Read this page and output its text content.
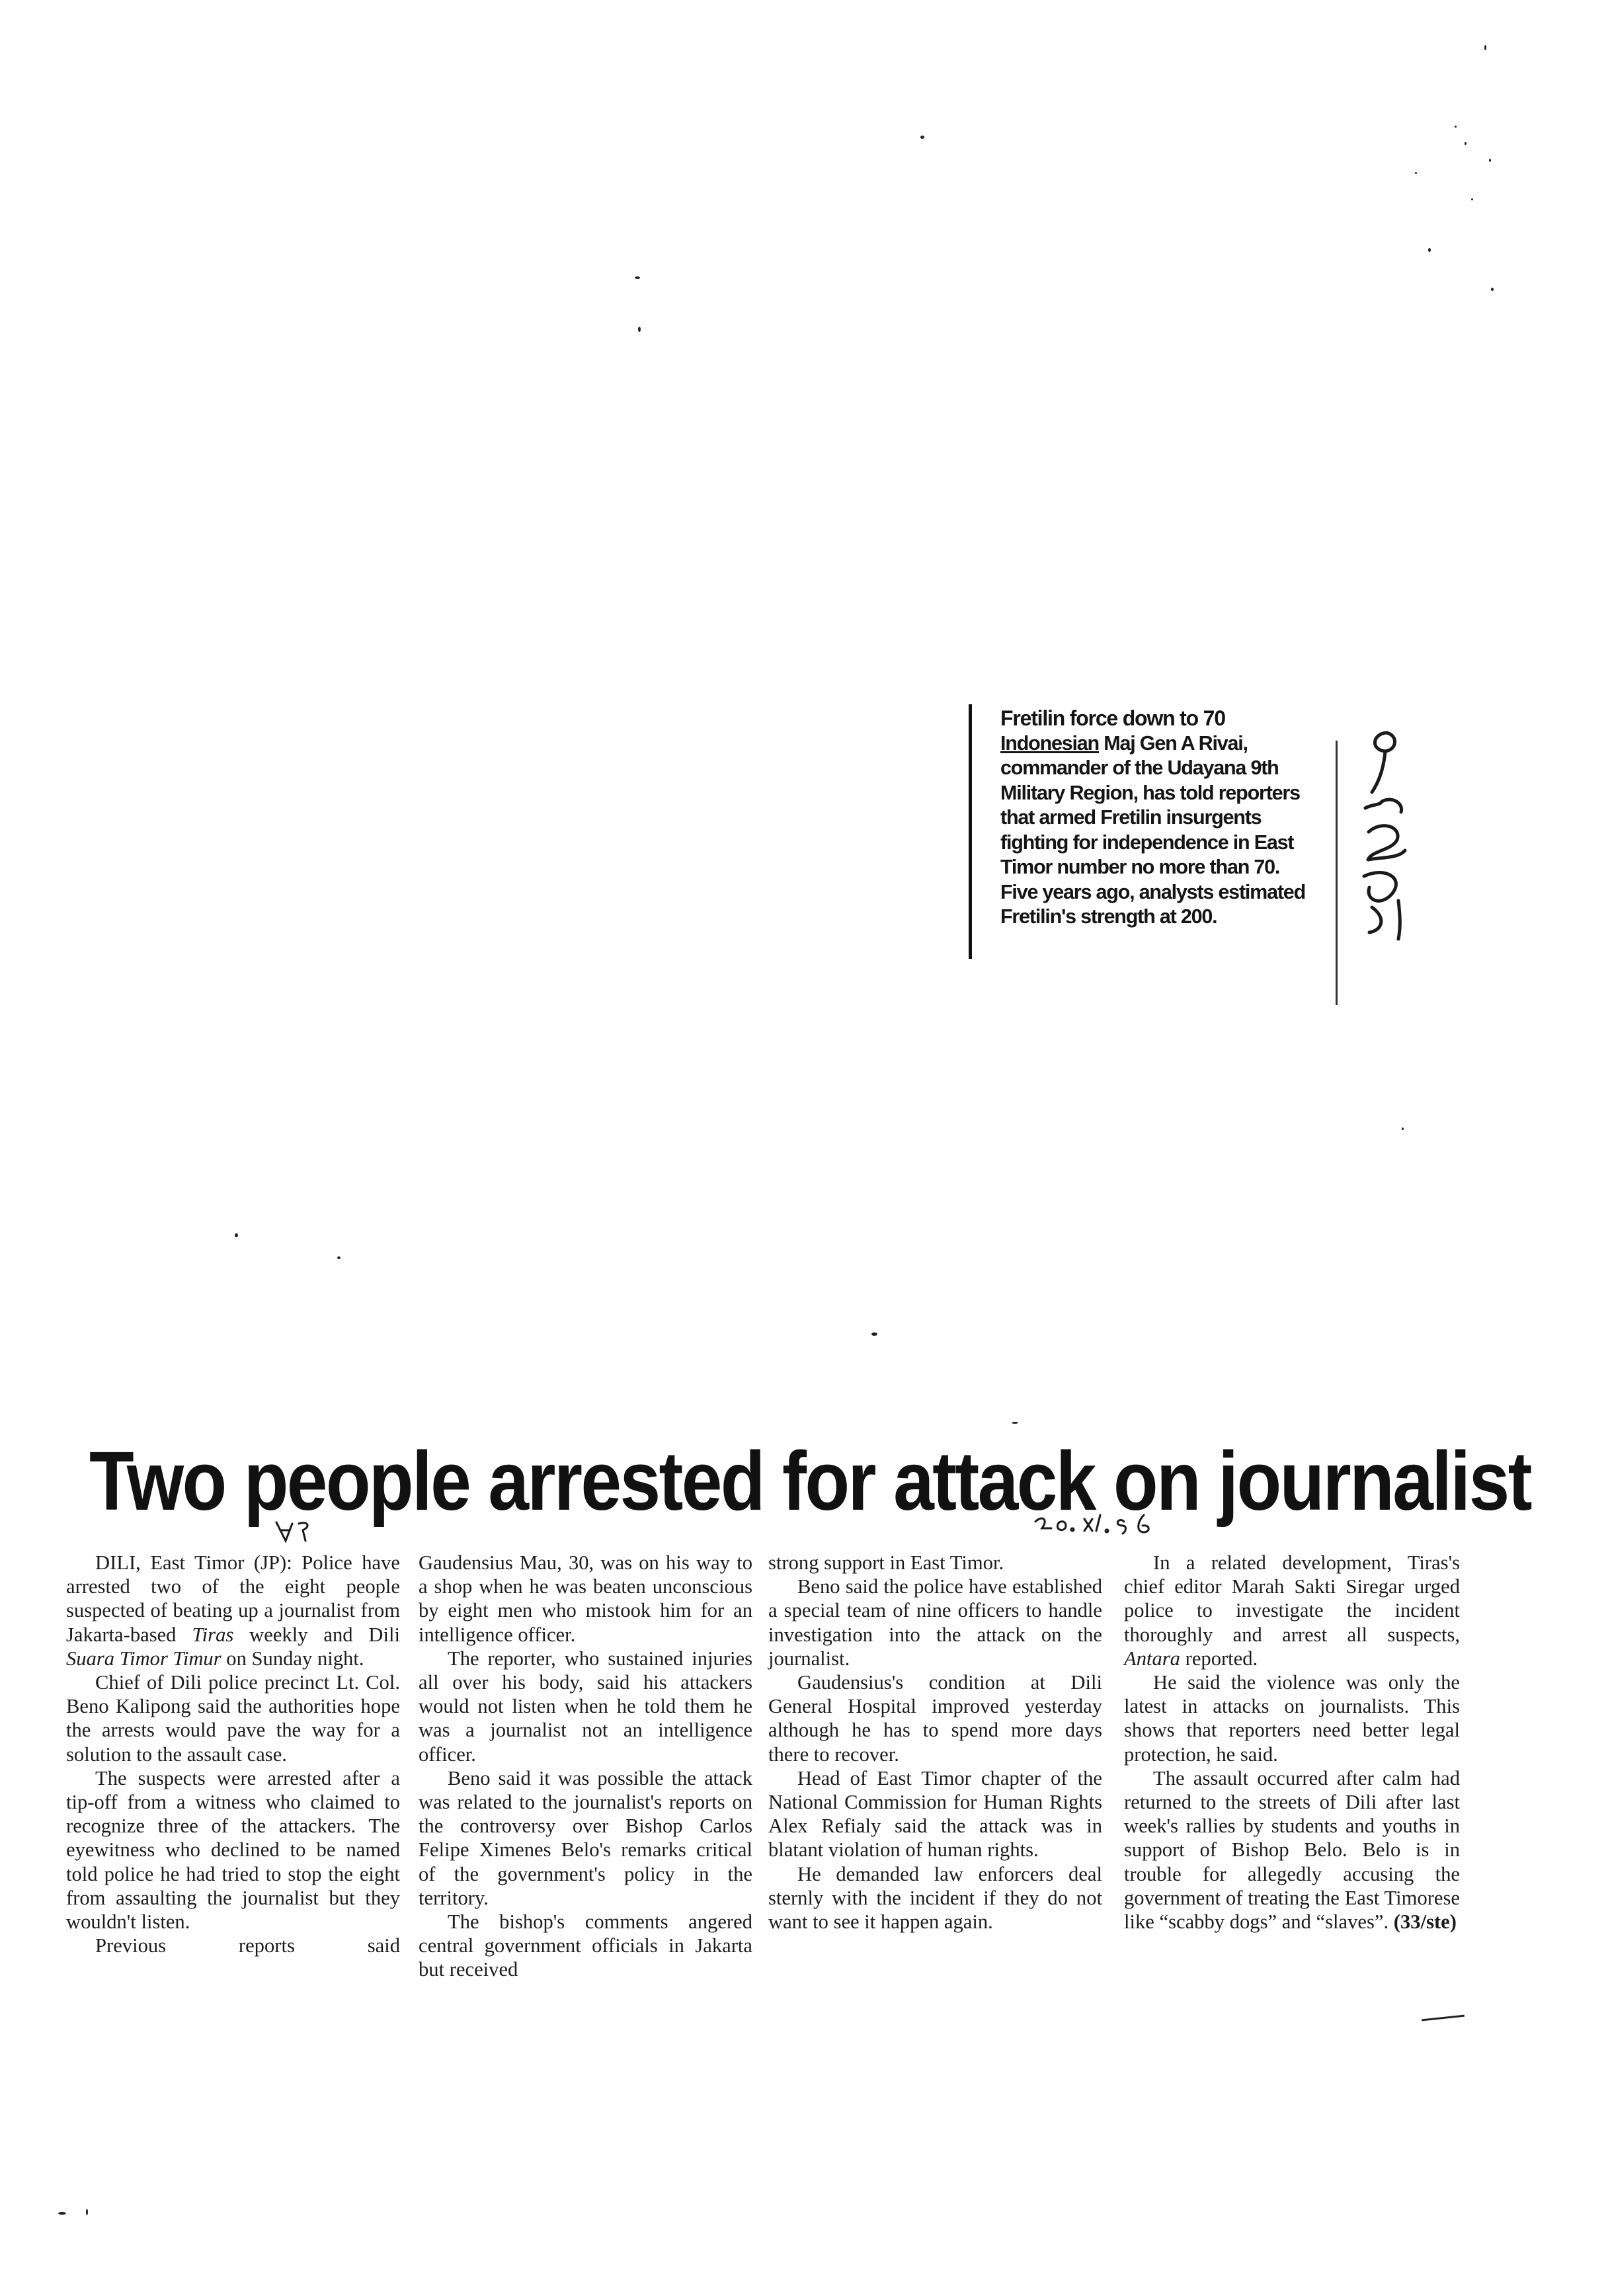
Fretilin force down to 70
Indonesian Maj Gen A Rivai, commander of the Udayana 9th Military Region, has told reporters that armed Fretilin insurgents fighting for independence in East Timor number no more than 70. Five years ago, analysts estimated Fretilin's strength at 200.
Two people arrested for attack on journalist

DILI, East Timor (JP): Police have arrested two of the eight people suspected of beating up a journalist from Jakarta-based Tiras weekly and Dili Suara Timor Timur on Sunday night.

Chief of Dili police precinct Lt. Col. Beno Kalipong said the authorities hope the arrests would pave the way for a solution to the assault case.

The suspects were arrested after a tip-off from a witness who claimed to recognize three of the attackers. The eyewitness who declined to be named told police he had tried to stop the eight from assaulting the journalist but they wouldn't listen.

Previous reports said

Gaudensius Mau, 30, was on his way to a shop when he was beaten unconscious by eight men who mistook him for an intelligence officer.

The reporter, who sustained injuries all over his body, said his attackers would not listen when he told them he was a journalist not an intelligence officer.

Beno said it was possible the attack was related to the journalist's reports on the controversy over Bishop Carlos Felipe Ximenes Belo's remarks critical of the government's policy in the territory.

The bishop's comments angered central government officials in Jakarta but received

strong support in East Timor.

Beno said the police have established a special team of nine officers to handle investigation into the attack on the journalist.

Gaudensius's condition at Dili General Hospital improved yesterday although he has to spend more days there to recover.

Head of East Timor chapter of the National Commission for Human Rights Alex Refialy said the attack was in blatant violation of human rights.

He demanded law enforcers deal sternly with the incident if they do not want to see it happen again.

In a related development, Tiras's chief editor Marah Sakti Siregar urged police to investigate the incident thoroughly and arrest all suspects, Antara reported.

He said the violence was only the latest in attacks on journalists. This shows that reporters need better legal protection, he said.

The assault occurred after calm had returned to the streets of Dili after last week's rallies by students and youths in support of Bishop Belo. Belo is in trouble for allegedly accusing the government of treating the East Timorese like “scabby dogs” and “slaves”. (33/ste)
